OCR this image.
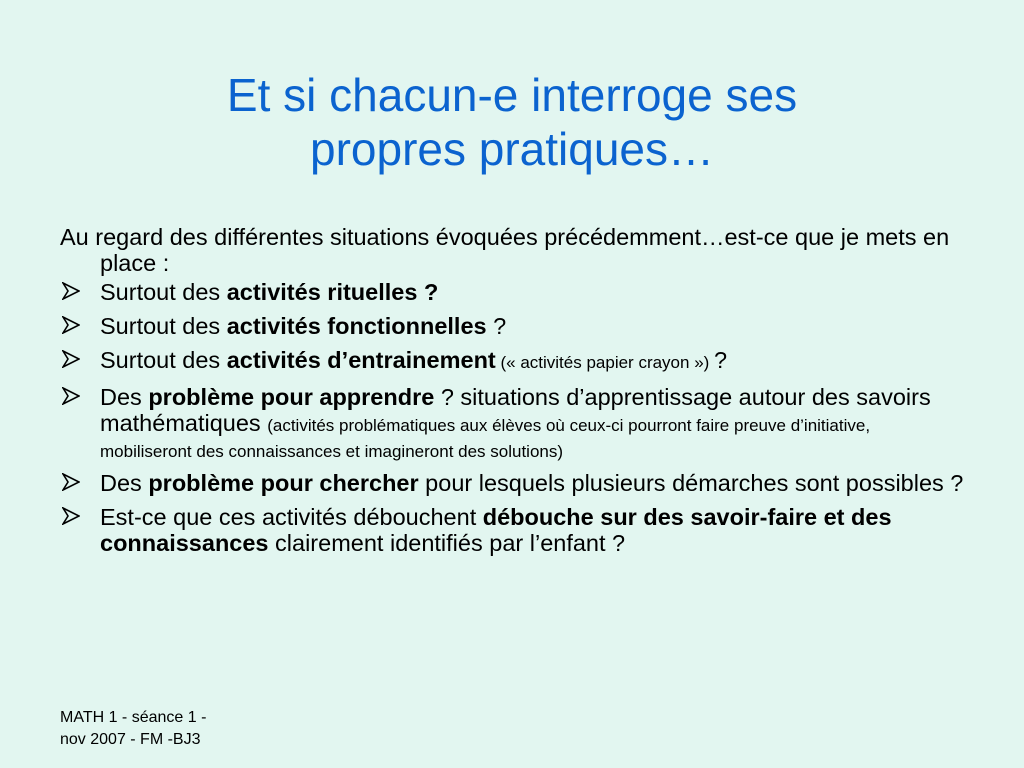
Et si chacun-e interroge ses
propres pratiques…
Au regard des différentes situations évoquées précédemment…est-ce que je mets en place :
Surtout des activités rituelles ?
Surtout des activités fonctionnelles ?
Surtout des activités d’entrainement (« activités papier crayon ») ?
Des problème pour apprendre ? situations d’apprentissage autour des savoirs mathématiques (activités problématiques aux élèves où ceux-ci pourront faire preuve d’initiative, mobiliseront des connaissances et imagineront des solutions)
Des problème pour chercher pour lesquels plusieurs démarches sont possibles ?
Est-ce que ces activités débouchent débouche sur des savoir-faire et des connaissances clairement identifiés par l’enfant ?
MATH 1 - séance 1 -
nov 2007 - FM -BJ3
